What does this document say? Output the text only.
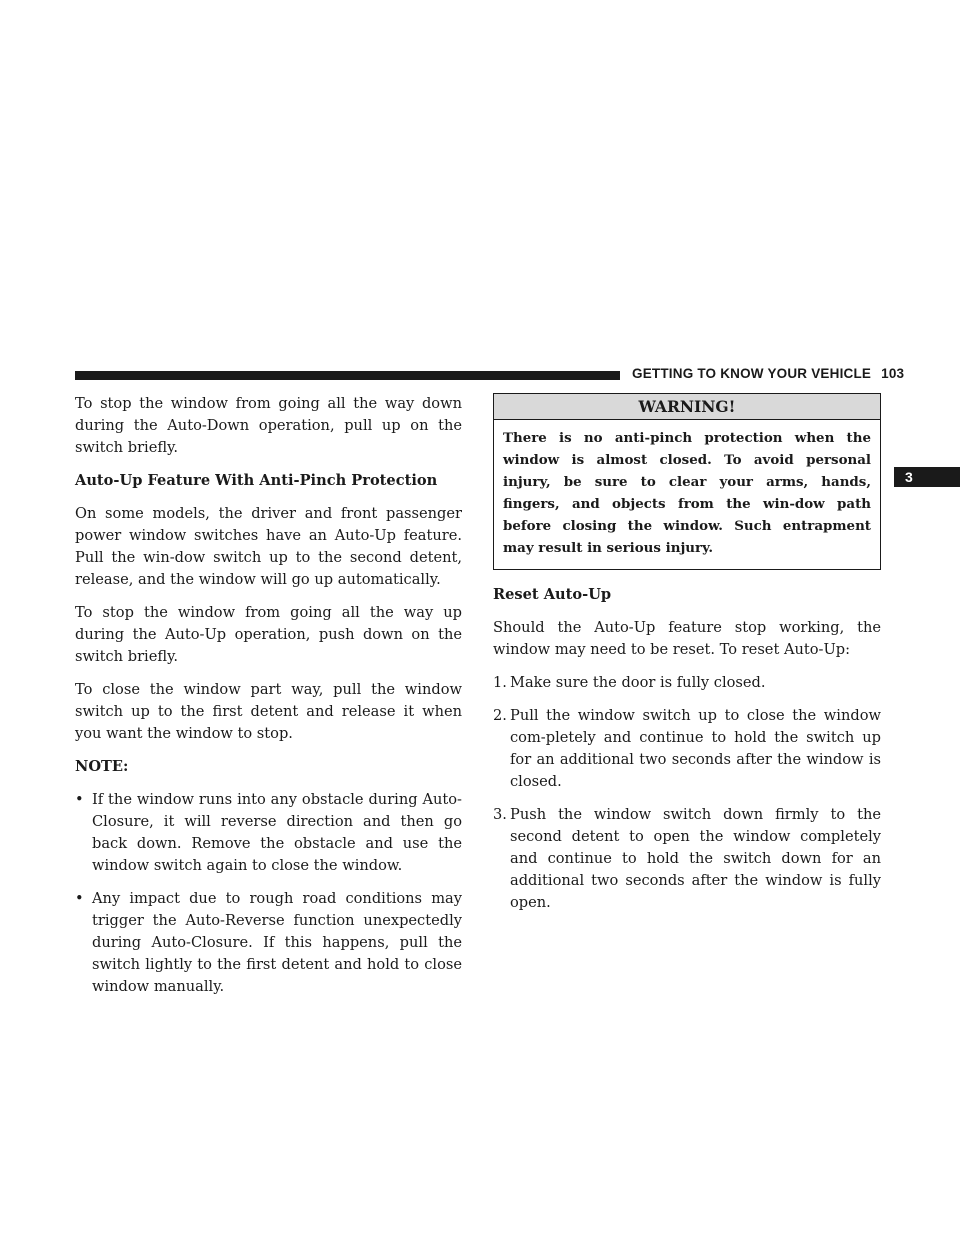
GETTING TO KNOW YOUR VEHICLE 103
3

To stop the window from going all the way down during the Auto-Down operation, pull up on the switch briefly.

Auto-Up Feature With Anti-Pinch Protection

On some models, the driver and front passenger power window switches have an Auto-Up feature. Pull the win-dow switch up to the second detent, release, and the window will go up automatically.

To stop the window from going all the way up during the Auto-Up operation, push down on the switch briefly.

To close the window part way, pull the window switch up to the first detent and release it when you want the window to stop.

NOTE:
• If the window runs into any obstacle during Auto-Closure, it will reverse direction and then go back down. Remove the obstacle and use the window switch again to close the window.
• Any impact due to rough road conditions may trigger the Auto-Reverse function unexpectedly during Auto-Closure. If this happens, pull the switch lightly to the first detent and hold to close window manually.
WARNING!
There is no anti-pinch protection when the window is almost closed. To avoid personal injury, be sure to clear your arms, hands, fingers, and objects from the win-dow path before closing the window. Such entrapment may result in serious injury.
Reset Auto-Up

Should the Auto-Up feature stop working, the window may need to be reset. To reset Auto-Up:

1. Make sure the door is fully closed.
2. Pull the window switch up to close the window com-pletely and continue to hold the switch up for an additional two seconds after the window is closed.
3. Push the window switch down firmly to the second detent to open the window completely and continue to hold the switch down for an additional two seconds after the window is fully open.
